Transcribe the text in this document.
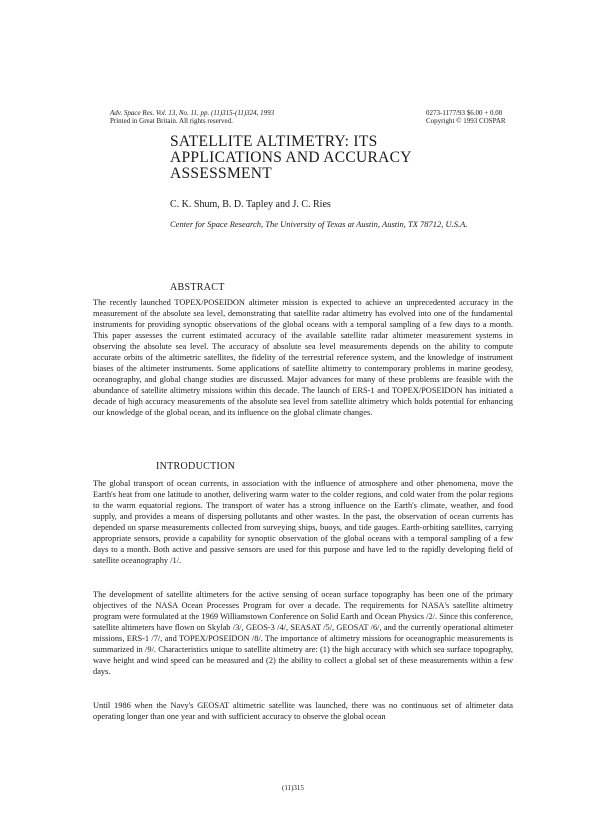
Adv. Space Res. Vol. 13, No. 11, pp. (11)315-(11)324, 1993
Printed in Great Britain. All rights reserved.
0273-1177/93 $6.00 + 0.00
Copyright © 1993 COSPAR
SATELLITE ALTIMETRY: ITS
APPLICATIONS AND ACCURACY
ASSESSMENT
C. K. Shum, B. D. Tapley and J. C. Ries
Center for Space Research, The University of Texas at Austin, Austin, TX 78712, U.S.A.
ABSTRACT

The recently launched TOPEX/POSEIDON altimeter mission is expected to achieve an unprecedented accuracy in the measurement of the absolute sea level, demonstrating that satellite radar altimetry has evolved into one of the fundamental instruments for providing synoptic observations of the global oceans with a temporal sampling of a few days to a month. This paper assesses the current estimated accuracy of the available satellite radar altimeter measurement systems in observing the absolute sea level. The accuracy of absolute sea level measurements depends on the ability to compute accurate orbits of the altimetric satellites, the fidelity of the terrestrial reference system, and the knowledge of instrument biases of the altimeter instruments. Some applications of satellite altimetry to contemporary problems in marine geodesy, oceanography, and global change studies are discussed. Major advances for many of these problems are feasible with the abundance of satellite altimetry missions within this decade. The launch of ERS-1 and TOPEX/POSEIDON has initiated a decade of high accuracy measurements of the absolute sea level from satellite altimetry which holds potential for enhancing our knowledge of the global ocean, and its influence on the global climate changes.

INTRODUCTION

The global transport of ocean currents, in association with the influence of atmosphere and other phenomena, move the Earth's heat from one latitude to another, delivering warm water to the colder regions, and cold water from the polar regions to the warm equatorial regions. The transport of water has a strong influence on the Earth's climate, weather, and food supply, and provides a means of dispersing pollutants and other wastes. In the past, the observation of ocean currents has depended on sparse measurements collected from surveying ships, buoys, and tide gauges. Earth-orbiting satellites, carrying appropriate sensors, provide a capability for synoptic observation of the global oceans with a temporal sampling of a few days to a month. Both active and passive sensors are used for this purpose and have led to the rapidly developing field of satellite oceanography /1/.

The development of satellite altimeters for the active sensing of ocean surface topography has been one of the primary objectives of the NASA Ocean Processes Program for over a decade. The requirements for NASA's satellite altimetry program were formulated at the 1969 Williamstown Conference on Solid Earth and Ocean Physics /2/. Since this conference, satellite altimeters have flown on Skylab /3/, GEOS-3 /4/, SEASAT /5/, GEOSAT /6/, and the currently operational altimeter missions, ERS-1 /7/, and TOPEX/POSEIDON /8/. The importance of altimetry missions for oceanographic measurements is summarized in /9/. Characteristics unique to satellite altimetry are: (1) the high accuracy with which sea surface topography, wave height and wind speed can be measured and (2) the ability to collect a global set of these measurements within a few days.

Until 1986 when the Navy's GEOSAT altimetric satellite was launched, there was no continuous set of altimeter data operating longer than one year and with sufficient accuracy to observe the global ocean

(11)315
